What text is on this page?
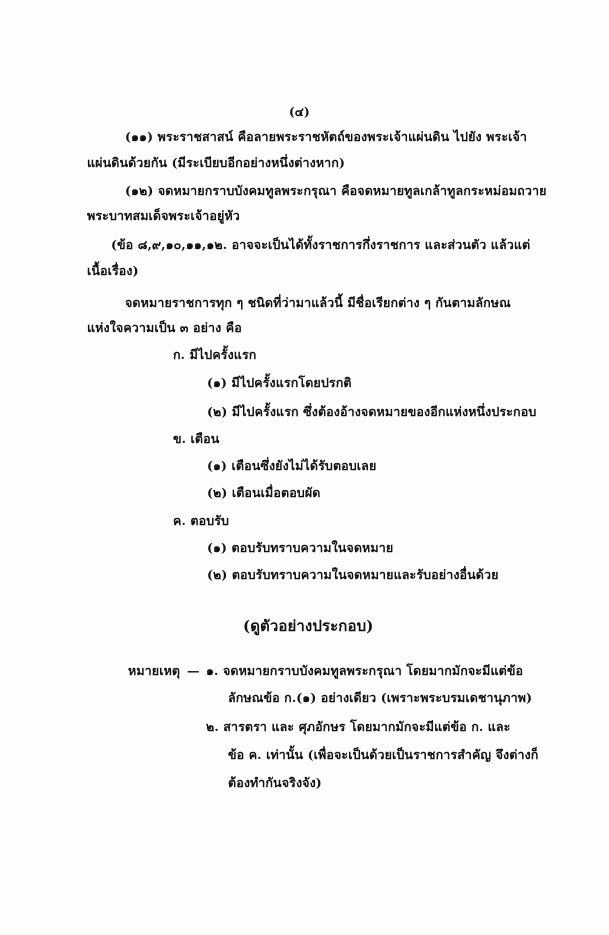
(๔)
(๑๑) พระราชสาสน์ คือลายพระราชหัตถ์ของพระเจ้าแผ่นดิน ไปยัง พระเจ้า
แผ่นดินด้วยกัน (มีระเบียบอีกอย่างหนึ่งต่างหาก)
(๑๒) จดหมายกราบบังคมทูลพระกรุณา คือจดหมายทูลเกล้าทูลกระหม่อมถวาย
พระบาทสมเด็จพระเจ้าอยู่หัว
(ข้อ ๘,๙,๑๐,๑๑,๑๒. อาจจะเป็นได้ทั้งราชการกึ่งราชการ และส่วนตัว แล้วแต่
เนื้อเรื่อง)
จดหมายราชการทุก ๆ ชนิดที่ว่ามาแล้วนี้ มีชื่อเรียกต่าง ๆ กันตามลักษณ
แห่งใจความเป็น ๓ อย่าง คือ
ก. มีไปครั้งแรก
(๑) มีไปครั้งแรกโดยปรกติ
(๒) มีไปครั้งแรก ซึ่งต้องอ้างจดหมายของอีกแห่งหนึ่งประกอบ
ข. เตือน
(๑) เตือนซึ่งยังไม่ได้รับตอบเลย
(๒) เตือนเมื่อตอบผัด
ค. ตอบรับ
(๑) ตอบรับทราบความในจดหมาย
(๒) ตอบรับทราบความในจดหมายและรับอย่างอื่นด้วย
(ดูตัวอย่างประกอบ)
หมายเหตุ — ๑. จดหมายกราบบังคมทูลพระกรุณา โดยมากมักจะมีแต่ข้อ
ลักษณข้อ ก.(๑) อย่างเดียว (เพราะพระบรมเดชานุภาพ)
๒. สารตรา และ ศุภอักษร โดยมากมักจะมีแต่ข้อ ก. และ
ข้อ ค. เท่านั้น (เพื่อจะเป็นด้วยเป็นราชการสำคัญ จึงต่างก็
ต้องทำกันจริงจัง)
